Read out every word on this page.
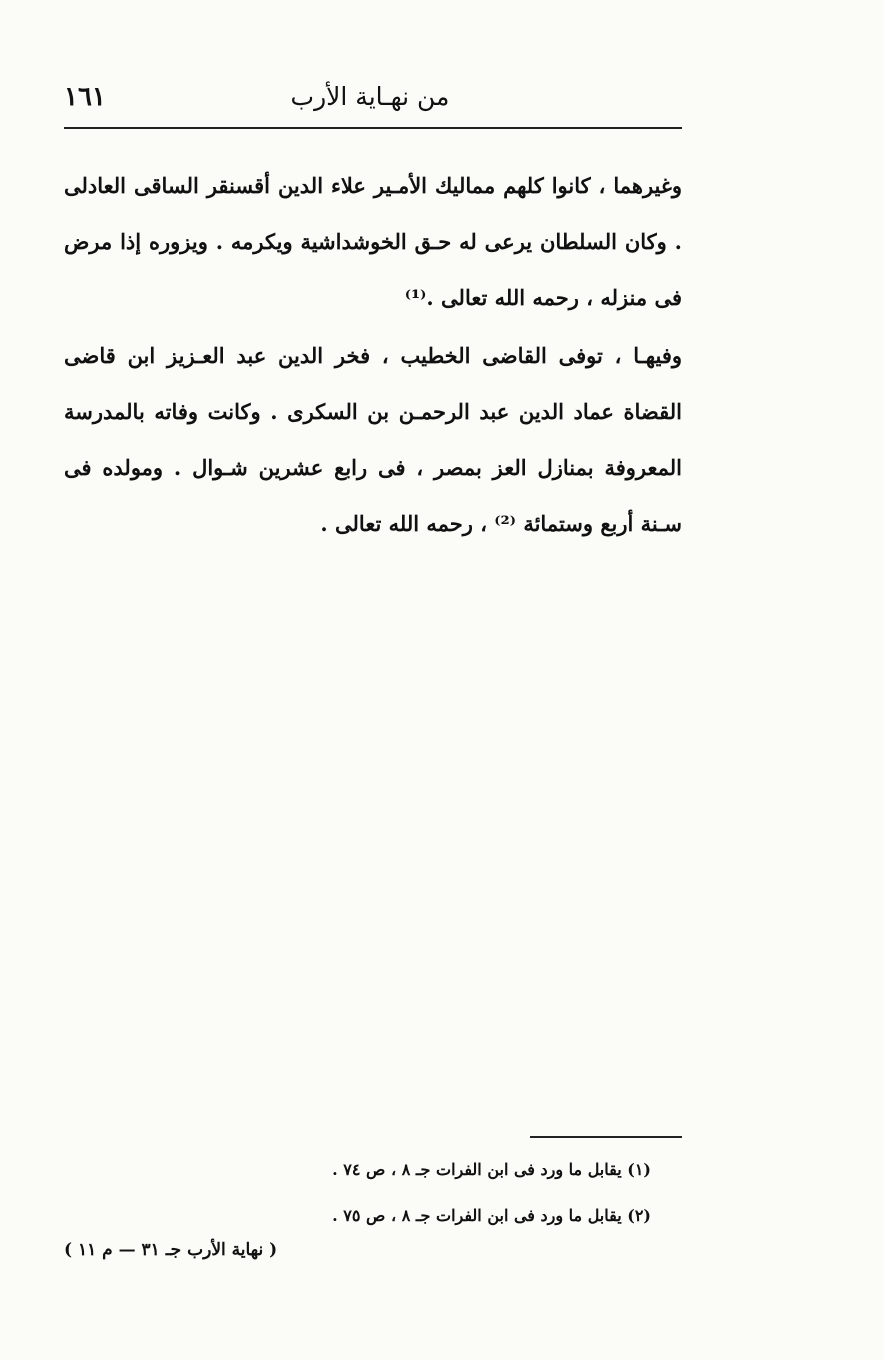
١٦١	من نهـاية الأرب

وغيرهما ، كانوا كلهم مماليك الأمـير علاء الدين أقسنقر الساقى العادلى . وكان السلطان يرعى له حـق الخوشداشية ويكرمه . ويزوره إذا مرض فى منزله ، رحمه الله تعالى .⁽¹⁾

وفيهـا ، توفى القاضى الخطيب ، فخر الدين عبد العـزيز ابن قاضى القضاة عماد الدين عبد الرحمـن بن السكرى . وكانت وفاته بالمدرسة المعروفة بمنازل العز بمصر ، فى رابع عشرين شـوال . ومولده فى سـنة أربع وستمائة ⁽²⁾ ، رحمه الله تعالى .

(١) يقابل ما ورد فى ابن الفرات جـ ٨ ، ص ٧٤ .
(٢) يقابل ما ورد فى ابن الفرات جـ ٨ ، ص ٧٥ .
( نهاية الأرب جـ ٣١ — م ١١ )
